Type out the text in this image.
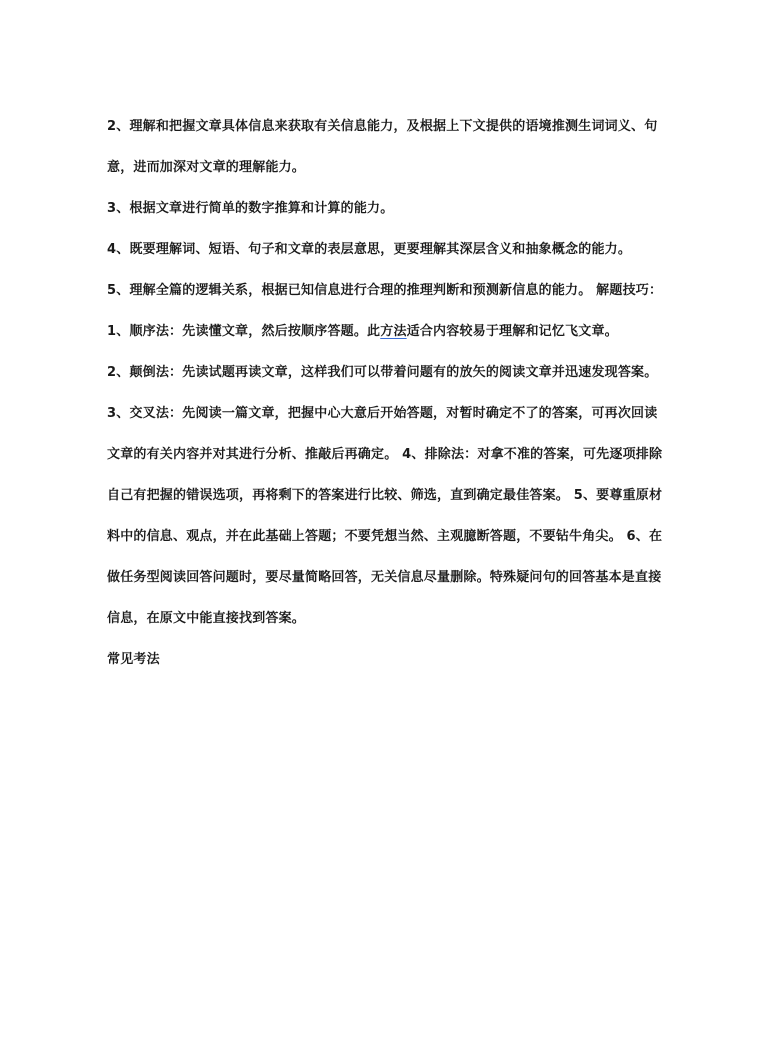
2、理解和把握文章具体信息来获取有关信息能力，及根据上下文提供的语境推测生词词义、句意，进而加深对文章的理解能力。

3、根据文章进行简单的数字推算和计算的能力。

4、既要理解词、短语、句子和文章的表层意思，更要理解其深层含义和抽象概念的能力。

5、理解全篇的逻辑关系，根据已知信息进行合理的推理判断和预测新信息的能力。 解题技巧： 1、顺序法：先读懂文章，然后按顺序答题。此方法适合内容较易于理解和记忆飞文章。

2、颠倒法：先读试题再读文章，这样我们可以带着问题有的放矢的阅读文章并迅速发现答案。 3、交叉法：先阅读一篇文章，把握中心大意后开始答题，对暂时确定不了的答案，可再次回读文章的有关内容并对其进行分析、推敲后再确定。 4、排除法：对拿不准的答案，可先逐项排除自己有把握的错误选项，再将剩下的答案进行比较、筛选，直到确定最佳答案。 5、要尊重原材料中的信息、观点，并在此基础上答题；不要凭想当然、主观臆断答题，不要钻牛角尖。 6、在做任务型阅读回答问题时，要尽量简略回答，无关信息尽量删除。特殊疑问句的回答基本是直接信息，在原文中能直接找到答案。

常见考法
